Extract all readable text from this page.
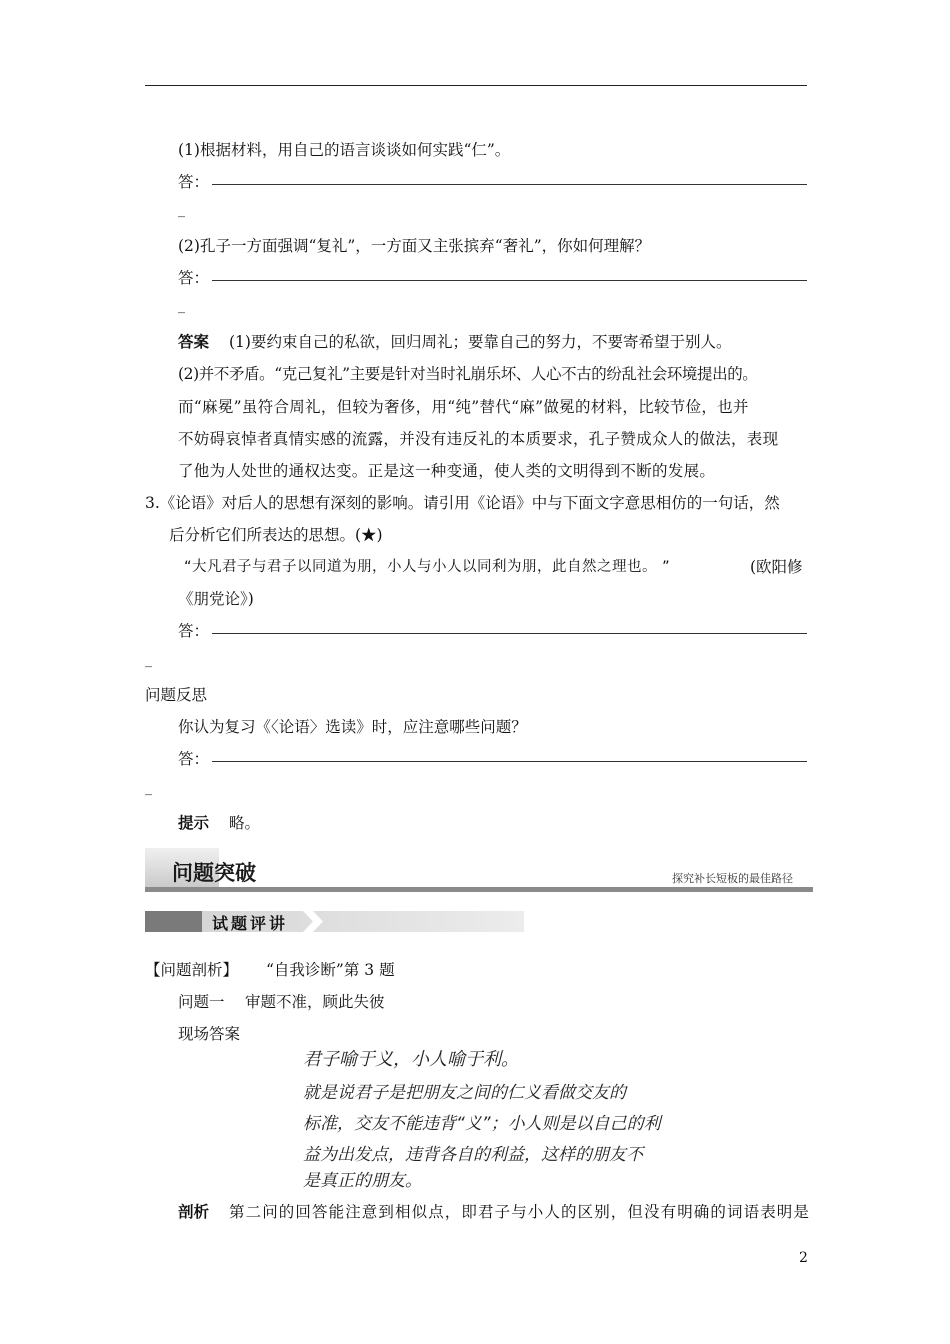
(1)根据材料，用自己的语言谈谈如何实践“仁”。
答：
_
(2)孔子一方面强调“复礼”，一方面又主张摈弃“奢礼”，你如何理解？
答：
_
答案 (1)要约束自己的私欲，回归周礼；要靠自己的努力，不要寄希望于别人。
(2)并不矛盾。“克己复礼”主要是针对当时礼崩乐坏、人心不古的纷乱社会环境提出的。
而“麻冕”虽符合周礼，但较为奢侈，用“纯”替代“麻”做冕的材料，比较节俭，也并
不妨碍哀悼者真情实感的流露，并没有违反礼的本质要求，孔子赞成众人的做法，表现
了他为人处世的通权达变。正是这一种变通，使人类的文明得到不断的发展。
3.《论语》对后人的思想有深刻的影响。请引用《论语》中与下面文字意思相仿的一句话，然
后分析它们所表达的思想。(★)
“大凡君子与君子以同道为朋，小人与小人以同利为朋，此自然之理也。 ”	(欧阳修
《朋党论》)
答：
_
问题反思
你认为复习《〈论语〉选读》时，应注意哪些问题？
答：
_
提示 略。
问题突破	探究补长短板的最佳路径
试题评讲
【问题剖析】 “自我诊断”第 3 题
问题一 审题不准，顾此失彼
现场答案
君子喻于义，小人喻于利。
就是说君子是把朋友之间的仁义看做交友的
标准，交友不能违背“义”；小人则是以自己的利
益为出发点，违背各自的利益，这样的朋友不
是真正的朋友。
剖析 第二问的回答能注意到相似点，即君子与小人的区别，但没有明确的词语表明是
2
